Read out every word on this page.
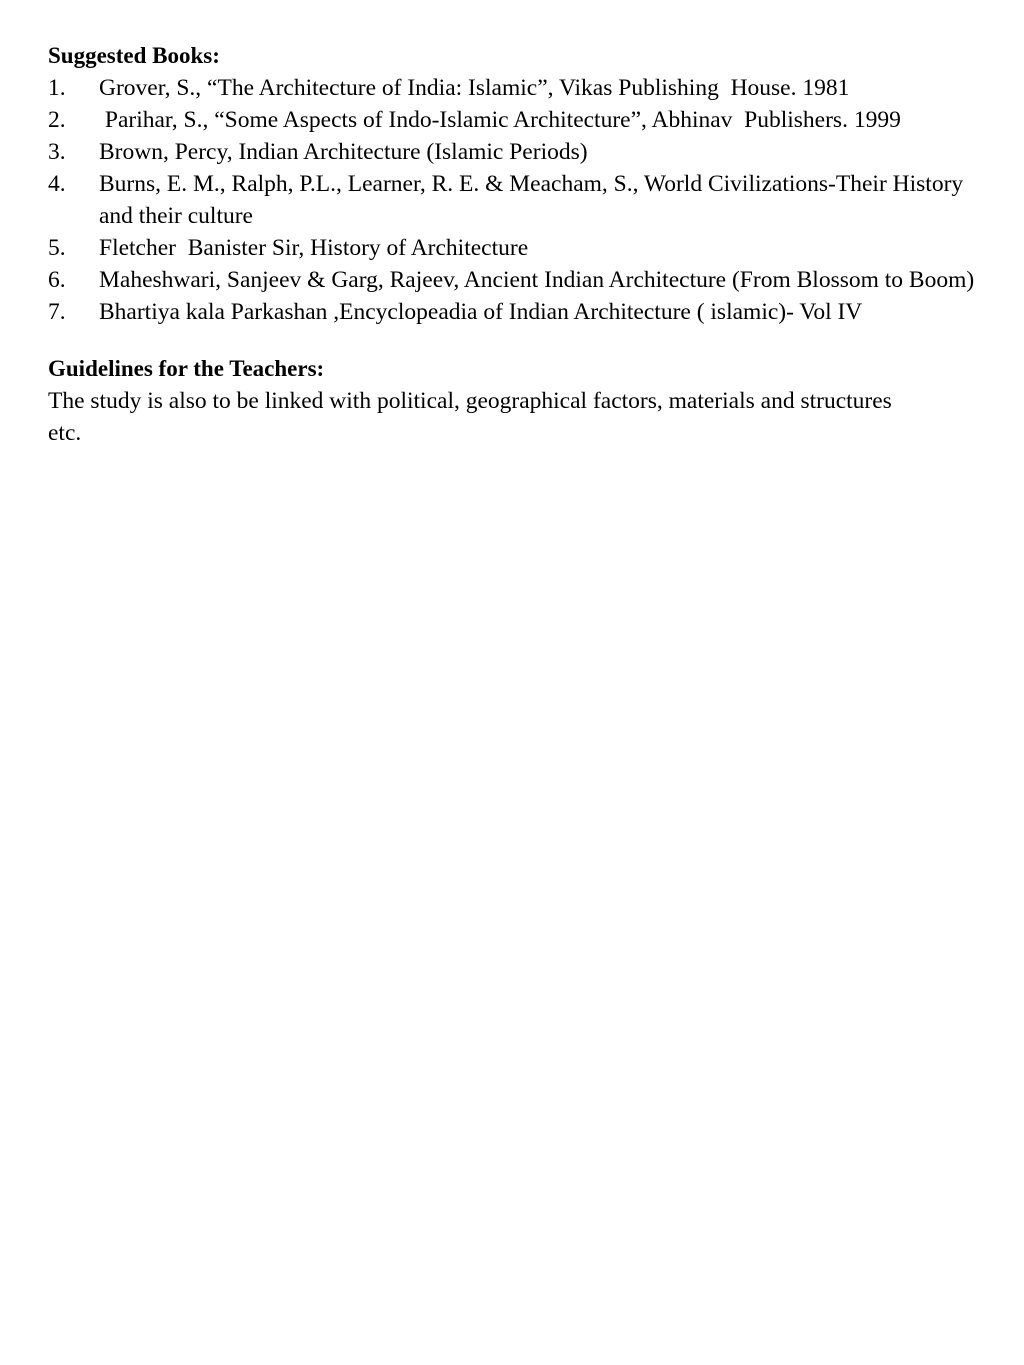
Suggested Books:
1.	Grover, S., “The Architecture of India: Islamic”, Vikas Publishing  House. 1981
2.	Parihar, S., “Some Aspects of Indo-Islamic Architecture”, Abhinav  Publishers. 1999
3.	Brown, Percy, Indian Architecture (Islamic Periods)
4.	Burns, E. M., Ralph, P.L., Learner, R. E. & Meacham, S., World Civilizations-Their History and their culture
5.	Fletcher  Banister Sir, History of Architecture
6.	Maheshwari, Sanjeev & Garg, Rajeev, Ancient Indian Architecture (From Blossom to Boom)
7.	Bhartiya kala Parkashan ,Encyclopeadia of Indian Architecture ( islamic)- Vol IV
Guidelines for the Teachers:

The study is also to be linked with political, geographical factors, materials and structures etc.
